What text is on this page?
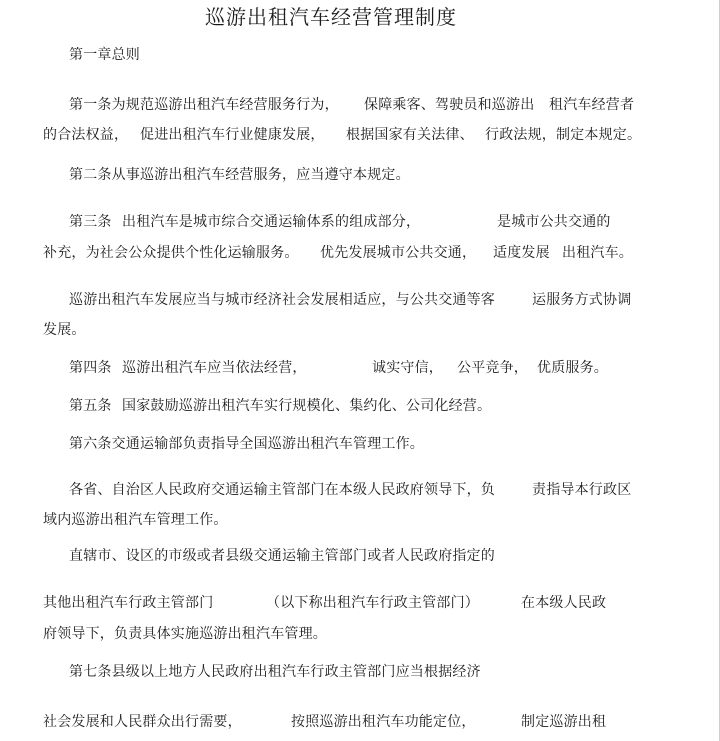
巡游出租汽车经营管理制度
第一章总则
第一条为规范巡游出租汽车经营服务行为， 保障乘客、驾驶员和巡游出 租汽车经营者
的合法权益， 促进出租汽车行业健康发展， 根据国家有关法律、 行政法规，制定本规定。
第二条从事巡游出租汽车经营服务，应当遵守本规定。
第三条 出租汽车是城市综合交通运输体系的组成部分，	是城市公共交通的
补充，为社会公众提供个性化运输服务。 优先发展城市公共交通， 适度发展 出租汽车。
巡游出租汽车发展应当与城市经济社会发展相适应，与公共交通等客	运服务方式协调
发展。
第四条 巡游出租汽车应当依法经营，	诚实守信， 公平竞争， 优质服务。
第五条 国家鼓励巡游出租汽车实行规模化、集约化、公司化经营。
第六条交通运输部负责指导全国巡游出租汽车管理工作。
各省、自治区人民政府交通运输主管部门在本级人民政府领导下，负	责指导本行政区
域内巡游出租汽车管理工作。
直辖市、设区的市级或者县级交通运输主管部门或者人民政府指定的
其他出租汽车行政主管部门	（以下称出租汽车行政主管部门）	在本级人民政
府领导下，负责具体实施巡游出租汽车管理。
第七条县级以上地方人民政府出租汽车行政主管部门应当根据经济
社会发展和人民群众出行需要，	按照巡游出租汽车功能定位，	制定巡游出租
